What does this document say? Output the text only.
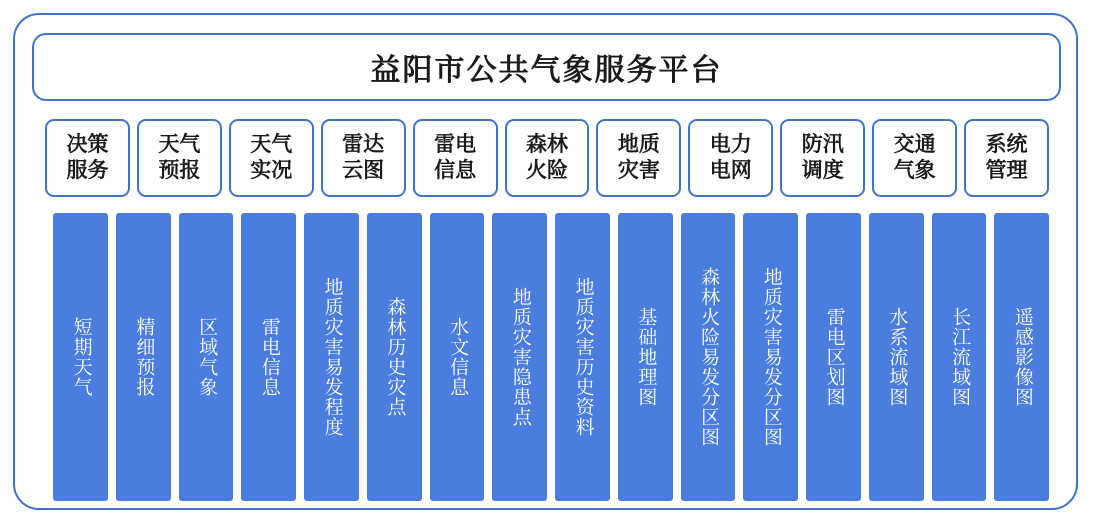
益阳市公共气象服务平台
决策
服务
天气
预报
天气
实况
雷达
云图
雷电
信息
森林
火险
地质
灾害
电力
电网
防汛
调度
交通
气象
系统
管理
短期天气 精细预报 区域气象 雷电信息 地质灾害易发程度 森林历史灾点 水文信息 地质灾害隐患点 地质灾害历史资料 基础地理图 森林火险易发分区图 地质灾害易发分区图 雷电区划图 水系流域图 长江流域图 遥感影像图
